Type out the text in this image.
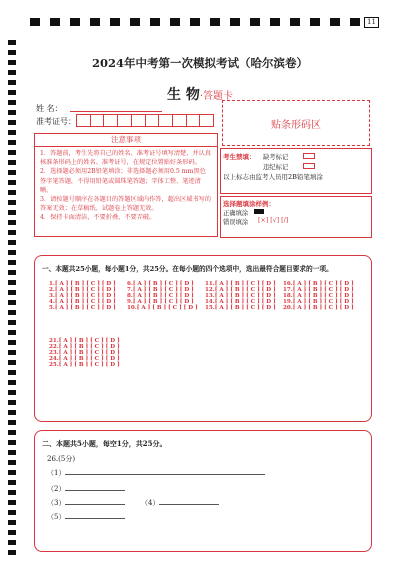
11
2024年中考第一次模拟考试（哈尔滨卷）
生 物·答题卡
姓 名：
准考证号：	贴条形码区
注意事项
1．答题前，考生先将自己的姓名、准考证号填写清楚，并认真核准条形码上的姓名、准考证号，在规定位置贴好条形码。
2．选择题必须用2B铅笔填涂；非选择题必须用0.5 mm黑色签字笔答题，不得用铅笔或圆珠笔答题；字体工整、笔迹清晰。
3．请按题号顺序在各题目的答题区域内作答，超出区域书写的答案无效；在草稿纸、试题卷上答题无效。
4．保持卡面清洁，不要折叠、不要弄破。
考生禁填： 缺考标记
违纪标记
以上标志由监考人员用2B铅笔填涂
选择题填涂样例：
正确填涂
错误填涂 [×] [√] [/]
一、本题共25小题，每小题1分，共25分。在每小题的四个选项中，选出最符合题目要求的一项。
1.[ A ] [ B ] [ C ] [ D ]
2.[ A ] [ B ] [ C ] [ D ]
3.[ A ] [ B ] [ C ] [ D ]
4.[ A ] [ B ] [ C ] [ D ]
5.[ A ] [ B ] [ C ] [ D ]
6.[ A ] [ B ] [ C ] [ D ]
7.[ A ] [ B ] [ C ] [ D ]
8.[ A ] [ B ] [ C ] [ D ]
9.[ A ] [ B ] [ C ] [ D ]
10.[ A ] [ B ] [ C ] [ D ]
11.[ A ] [ B ] [ C ] [ D ]
12.[ A ] [ B ] [ C ] [ D ]
13.[ A ] [ B ] [ C ] [ D ]
14.[ A ] [ B ] [ C ] [ D ]
15.[ A ] [ B ] [ C ] [ D ]
16.[ A ] [ B ] [ C ] [ D ]
17.[ A ] [ B ] [ C ] [ D ]
18.[ A ] [ B ] [ C ] [ D ]
19.[ A ] [ B ] [ C ] [ D ]
20.[ A ] [ B ] [ C ] [ D ]
21.[ A ] [ B ] [ C ] [ D ]
22.[ A ] [ B ] [ C ] [ D ]
23.[ A ] [ B ] [ C ] [ D ]
24.[ A ] [ B ] [ C ] [ D ]
25.[ A ] [ B ] [ C ] [ D ]
二、本题共5小题，每空1分，共25分。
26.(5分)
（1）
（2）
（3）	（4）
（5）
